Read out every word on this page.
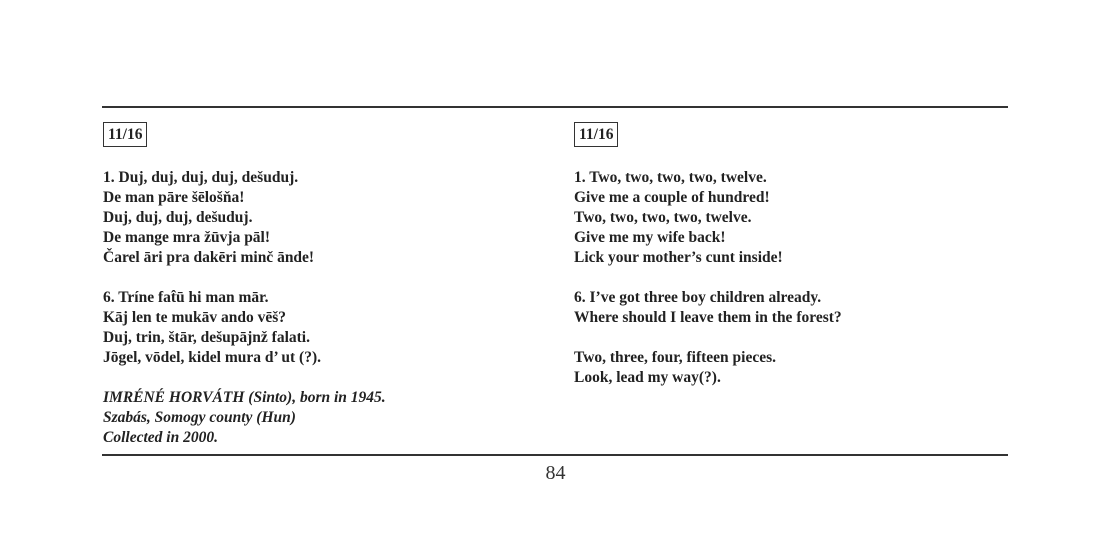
11/16
1. Duj, duj, duj, duj, dešuduj.
De man pāre šēlošňa!
Duj, duj, duj, dešuduj.
De mange mra žūvja pāl!
Čarel āri pra dakēri minč ānde!
6. Tríne fat̂ū hi man mār.
Kāj len te mukāv ando vēš?
Duj, trin, štār, dešupājnž falati.
Jōgel, vōdel, kidel mura d’ ut (?).
IMRÉNÉ HORVÁTH (Sinto), born in 1945.
Szabás, Somogy county (Hun)
Collected in 2000.
11/16
1. Two, two, two, two, twelve.
Give me a couple of hundred!
Two, two, two, two, twelve.
Give me my wife back!
Lick your mother’s cunt inside!
6. I’ve got three boy children already.
Where should I leave them in the forest?
Two, three, four, fifteen pieces.
Look, lead my way(?).
84
